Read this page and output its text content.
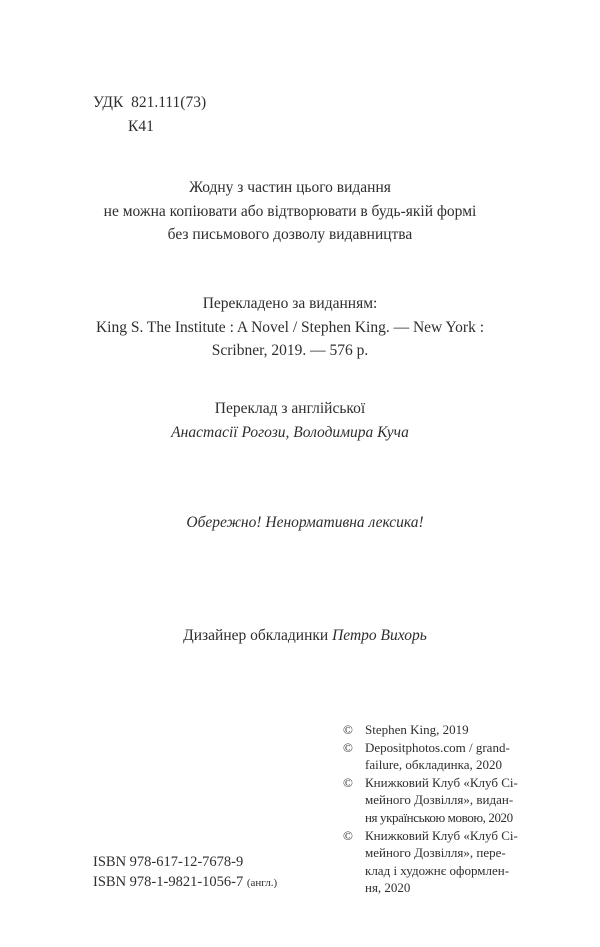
УДК  821.111(73)
К41
Жодну з частин цього видання
не можна копіювати або відтворювати в будь-якій формі
без письмового дозволу видавництва
Перекладено за виданням:
King S. The Institute : A Novel / Stephen King. — New York :
Scribner, 2019. — 576 p.
Переклад з англійської
Анастасії Рогози, Володимира Куча
Обережно! Ненормативна лексика!
Дизайнер обкладинки Петро Вихорь
© Stephen King, 2019
© Depositphotos.com / grand-
failure, обкладинка, 2020
© Книжковий Клуб «Клуб Сі-
мейного Дозвілля», видан-
ня українською мовою, 2020
© Книжковий Клуб «Клуб Сі-
мейного Дозвілля», пере-
клад і художнє оформлен-
ня, 2020
ISBN 978-617-12-7678-9
ISBN 978-1-9821-1056-7 (англ.)
